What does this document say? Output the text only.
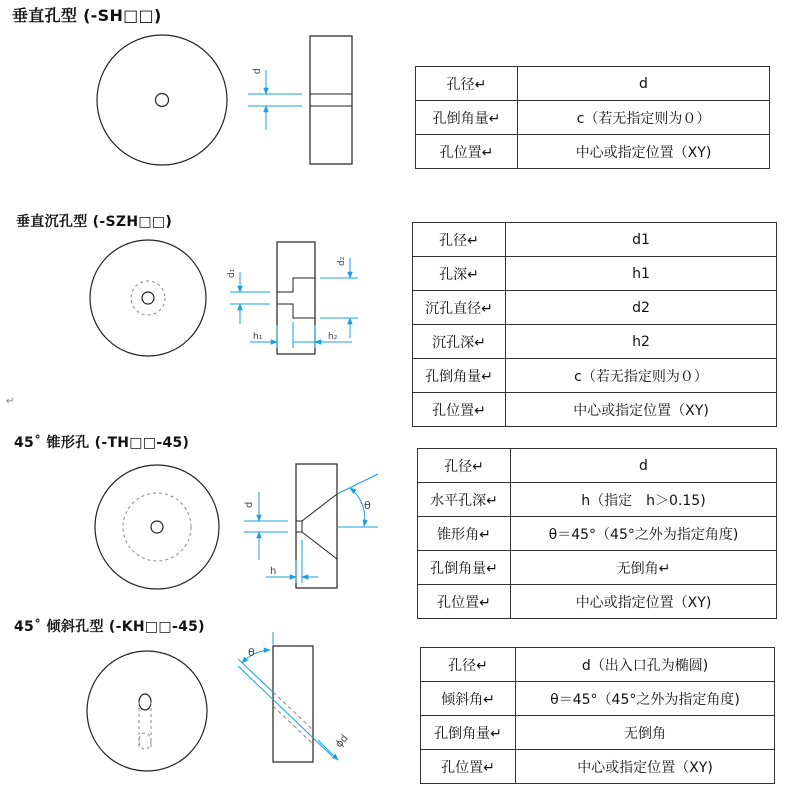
垂直孔型 (-SH□□)
垂直沉孔型 (-SZH□□)
45˚ 锥形孔 (-TH□□-45)
45˚ 倾斜孔型 (-KH□□-45)
↵
d
d₁
d₂
h₁	h₂
d
h
θ
θ
ϕd
孔径↵	d
孔倒角量↵	c（若无指定则为０）
孔位置↵	中心或指定位置（XY)
孔径↵	d1
孔深↵	h1
沉孔直径↵	d2
沉孔深↵	h2
孔倒角量↵	c（若无指定则为０）
孔位置↵	中心或指定位置（XY)
孔径↵	d
水平孔深↵	h（指定　h＞0.15)
锥形角↵	θ＝45°（45°之外为指定角度)
孔倒角量↵	无倒角↵
孔位置↵	中心或指定位置（XY)
孔径↵	d（出入口孔为椭圆)
倾斜角↵	θ＝45°（45°之外为指定角度)
孔倒角量↵	无倒角
孔位置↵	中心或指定位置（XY)
